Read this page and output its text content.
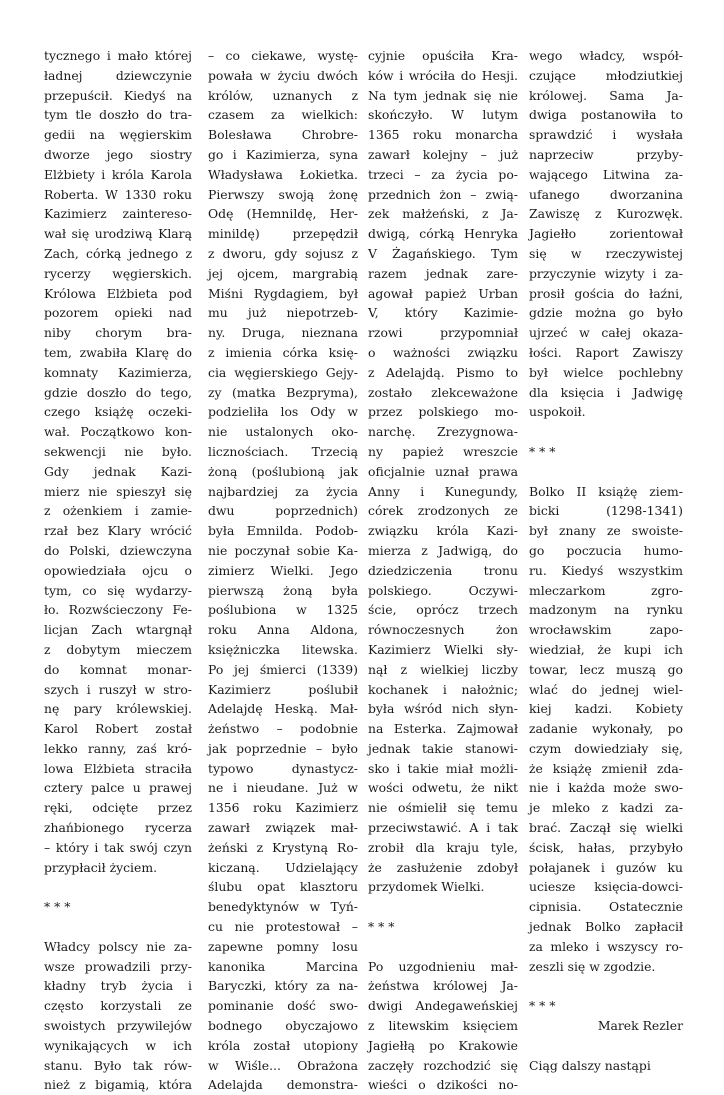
tycznego i mało której
ładnej dziewczynie
przepuścił. Kiedyś na
tym tle doszło do tra-
gedii na węgierskim
dworze jego siostry
Elżbiety i króla Karola
Roberta. W 1330 roku
Kazimierz zaintereso-
wał się urodziwą Klarą
Zach, córką jednego z
rycerzy węgierskich.
Królowa Elżbieta pod
pozorem opieki nad
niby chorym bra-
tem, zwabiła Klarę do
komnaty Kazimierza,
gdzie doszło do tego,
czego książę oczeki-
wał. Początkowo kon-
sekwencji nie było.
Gdy jednak Kazi-
mierz nie spieszył się
z ożenkiem i zamie-
rzał bez Klary wrócić
do Polski, dziewczyna
opowiedziała ojcu o
tym, co się wydarzy-
ło. Rozwścieczony Fe-
licjan Zach wtargnął
z dobytym mieczem
do komnat monar-
szych i ruszył w stro-
nę pary królewskiej.
Karol Robert został
lekko ranny, zaś kró-
lowa Elżbieta straciła
cztery palce u prawej
ręki, odcięte przez
zhańbionego rycerza
– który i tak swój czyn
przypłacił życiem.
* * *
Władcy polscy nie za-
wsze prowadzili przy-
kładny tryb życia i
często korzystali ze
swoistych przywilejów
wynikających w ich
stanu. Było tak rów-
nież z bigamią, która
– co ciekawe, wystę-
powała w życiu dwóch
królów, uznanych z
czasem za wielkich:
Bolesława Chrobre-
go i Kazimierza, syna
Władysława Łokietka.
Pierwszy swoją żonę
Odę (Hemnildę, Her-
minildę) przepędził
z dworu, gdy sojusz z
jej ojcem, margrabią
Miśni Rygdagiem, był
mu już niepotrzeb-
ny. Druga, nieznana
z imienia córka księ-
cia węgierskiego Gejy-
zy (matka Bezpryma),
podzieliła los Ody w
nie ustalonych oko-
licznościach. Trzecią
żoną (poślubioną jak
najbardziej za życia
dwu poprzednich)
była Emnilda. Podob-
nie poczynał sobie Ka-
zimierz Wielki. Jego
pierwszą żoną była
poślubiona w 1325
roku Anna Aldona,
księżniczka litewska.
Po jej śmierci (1339)
Kazimierz poślubił
Adelajdę Heską. Mał-
żeństwo – podobnie
jak poprzednie – było
typowo dynastycz-
ne i nieudane. Już w
1356 roku Kazimierz
zawarł związek mał-
żeński z Krystyną Ro-
kiczaną. Udzielający
ślubu opat klasztoru
benedyktynów w Tyń-
cu nie protestował –
zapewne pomny losu
kanonika Marcina
Baryczki, który za na-
pominanie dość swo-
bodnego obyczajowo
króla został utopiony
w Wiśle... Obrażona
Adelajda demonstra-
cyjnie opuściła Kra-
ków i wróciła do Hesji.
Na tym jednak się nie
skończyło. W lutym
1365 roku monarcha
zawarł kolejny – już
trzeci – za życia po-
przednich żon – zwią-
zek małżeński, z Ja-
dwigą, córką Henryka
V Żagańskiego. Tym
razem jednak zare-
agował papież Urban
V, który Kazimie-
rzowi przypomniał
o ważności związku
z Adelajdą. Pismo to
zostało zlekceważone
przez polskiego mo-
narchę. Zrezygnowa-
ny papież wreszcie
oficjalnie uznał prawa
Anny i Kunegundy,
córek zrodzonych ze
związku króla Kazi-
mierza z Jadwigą, do
dziedziczenia tronu
polskiego. Oczywi-
ście, oprócz trzech
równoczesnych żon
Kazimierz Wielki sły-
nął z wielkiej liczby
kochanek i nałożnic;
była wśród nich słyn-
na Esterka. Zajmował
jednak takie stanowi-
sko i takie miał możli-
wości odwetu, że nikt
nie ośmielił się temu
przeciwstawić. A i tak
zrobił dla kraju tyle,
że zasłużenie zdobył
przydomek Wielki.
* * *
Po uzgodnieniu mał-
żeństwa królowej Ja-
dwigi Andegaweńskiej
z litewskim księciem
Jagiełłą po Krakowie
zaczęły rozchodzić się
wieści o dzikości no-
wego władcy, współ-
czujące młodziutkiej
królowej. Sama Ja-
dwiga postanowiła to
sprawdzić i wysłała
naprzeciw przyby-
wającego Litwina za-
ufanego dworzanina
Zawiszę z Kurozwęk.
Jagiełło zorientował
się w rzeczywistej
przyczynie wizyty i za-
prosił gościa do łaźni,
gdzie można go było
ujrzeć w całej okaza-
łości. Raport Zawiszy
był wielce pochlebny
dla księcia i Jadwigę
uspokoił.
* * *
Bolko II książę ziem-
bicki (1298-1341)
był znany ze swoiste-
go poczucia humo-
ru. Kiedyś wszystkim
mleczarkom zgro-
madzonym na rynku
wrocławskim zapo-
wiedział, że kupi ich
towar, lecz muszą go
wlać do jednej wiel-
kiej kadzi. Kobiety
zadanie wykonały, po
czym dowiedziały się,
że książę zmienił zda-
nie i każda może swo-
je mleko z kadzi za-
brać. Zaczął się wielki
ścisk, hałas, przybyło
połajanek i guzów ku
uciesze księcia-dowci-
cipnisia. Ostatecznie
jednak Bolko zapłacił
za mleko i wszyscy ro-
zeszli się w zgodzie.
* * *
Marek Rezler
Ciąg dalszy nastąpi
